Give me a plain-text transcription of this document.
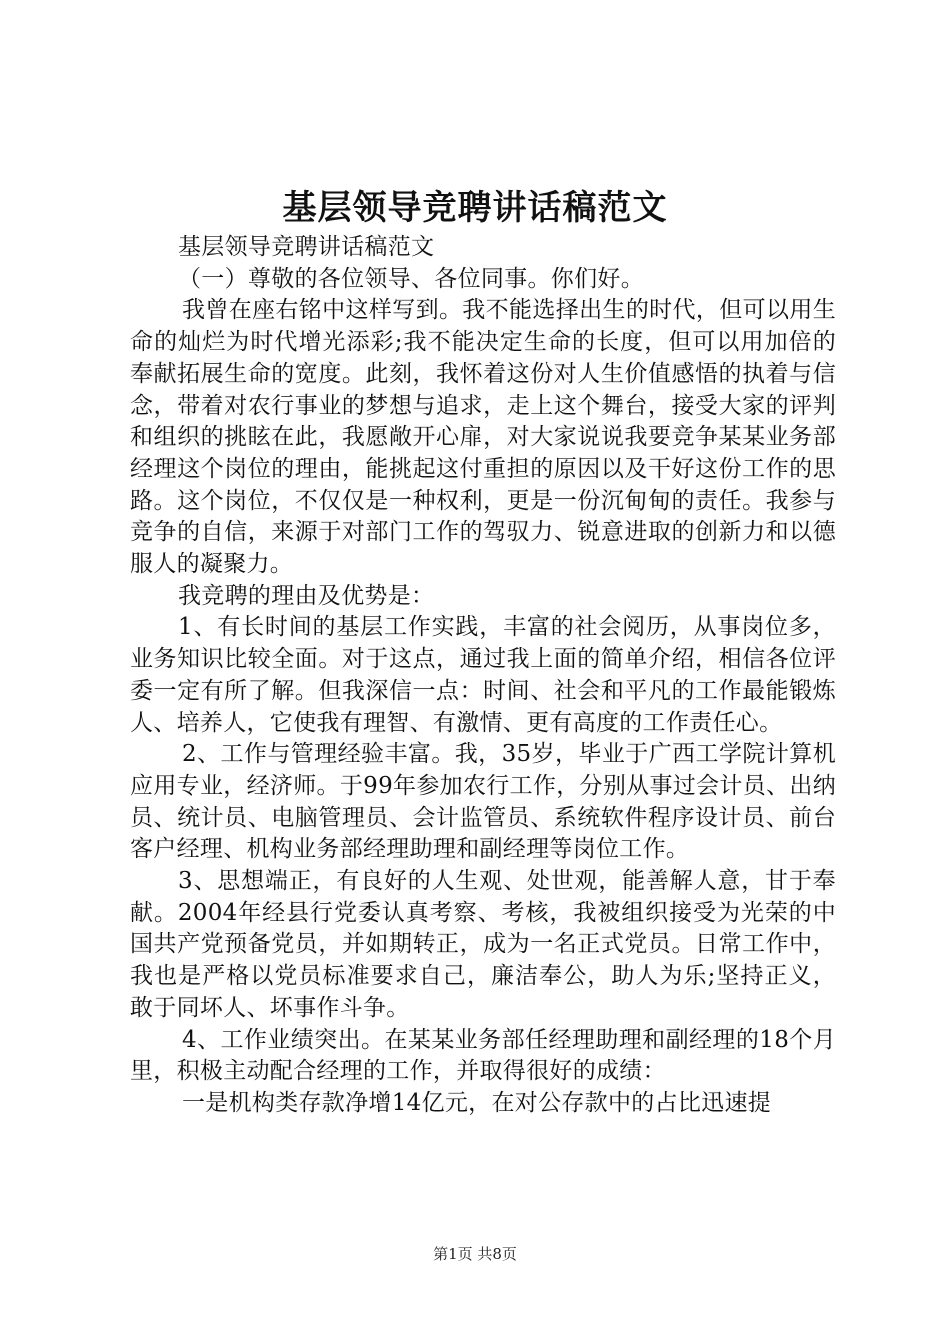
基层领导竞聘讲话稿范文

基层领导竞聘讲话稿范文

（一）尊敬的各位领导、各位同事。你们好。

我曾在座右铭中这样写到。我不能选择出生的时代，但可以用生命的灿烂为时代增光添彩;我不能决定生命的长度，但可以用加倍的奉献拓展生命的宽度。此刻，我怀着这份对人生价值感悟的执着与信念，带着对农行事业的梦想与追求，走上这个舞台，接受大家的评判和组织的挑眩在此，我愿敞开心扉，对大家说说我要竞争某某业务部经理这个岗位的理由，能挑起这付重担的原因以及干好这份工作的思路。这个岗位，不仅仅是一种权利，更是一份沉甸甸的责任。我参与竞争的自信，来源于对部门工作的驾驭力、锐意进取的创新力和以德服人的凝聚力。

我竞聘的理由及优势是：

1、有长时间的基层工作实践，丰富的社会阅历，从事岗位多，业务知识比较全面。对于这点，通过我上面的简单介绍，相信各位评委一定有所了解。但我深信一点：时间、社会和平凡的工作最能锻炼人、培养人，它使我有理智、有激情、更有高度的工作责任心。

2、工作与管理经验丰富。我，35岁，毕业于广西工学院计算机应用专业，经济师。于99年参加农行工作，分别从事过会计员、出纳员、统计员、电脑管理员、会计监管员、系统软件程序设计员、前台客户经理、机构业务部经理助理和副经理等岗位工作。

3、思想端正，有良好的人生观、处世观，能善解人意，甘于奉献。2004年经县行党委认真考察、考核，我被组织接受为光荣的中国共产党预备党员，并如期转正，成为一名正式党员。日常工作中，我也是严格以党员标准要求自己，廉洁奉公，助人为乐;坚持正义，敢于同坏人、坏事作斗争。

4、工作业绩突出。在某某业务部任经理助理和副经理的18个月里，积极主动配合经理的工作，并取得很好的成绩：

一是机构类存款净增14亿元，在对公存款中的占比迅速提

第1页 共8页
